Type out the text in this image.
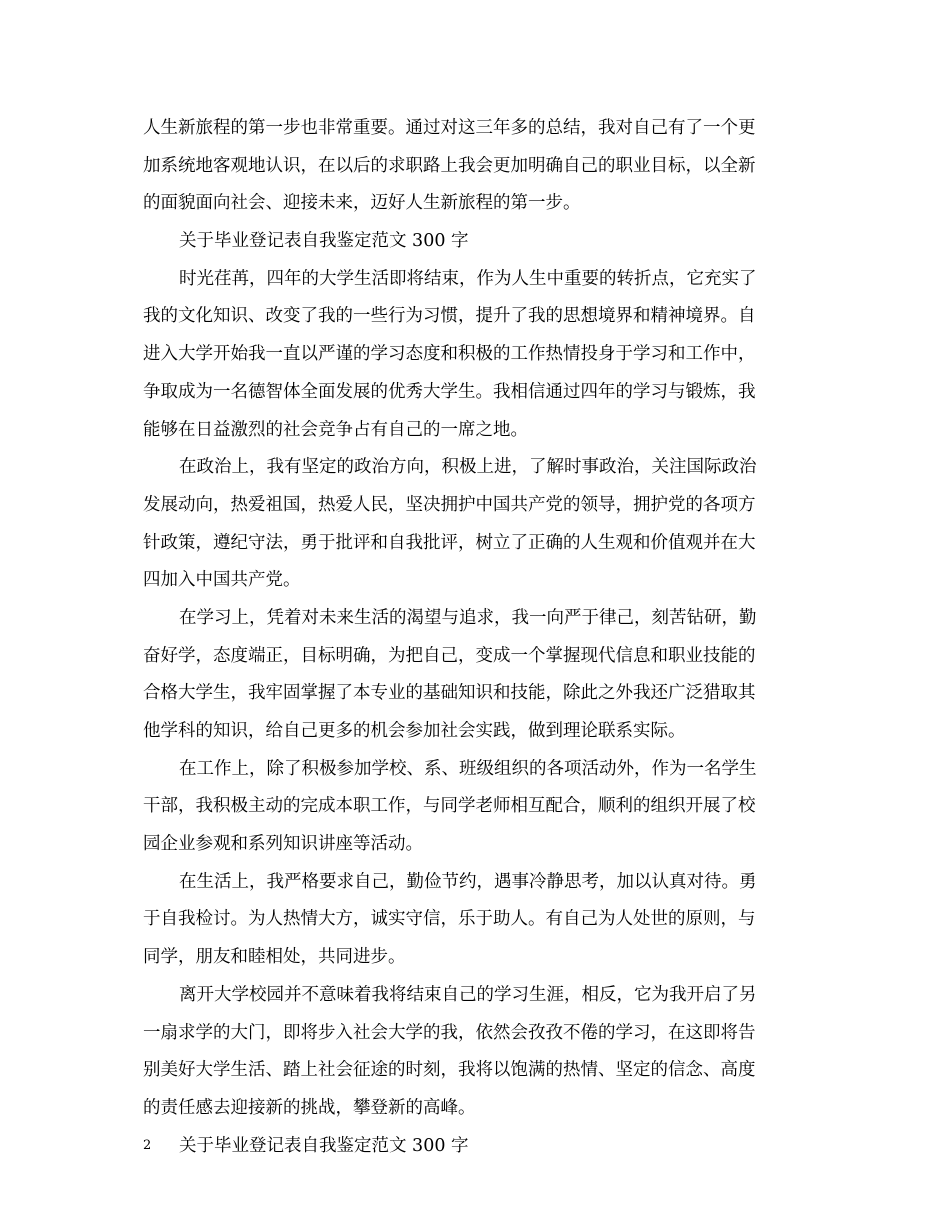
人生新旅程的第一步也非常重要。通过对这三年多的总结，我对自己有了一个更
加系统地客观地认识，在以后的求职路上我会更加明确自己的职业目标，以全新
的面貌面向社会、迎接未来，迈好人生新旅程的第一步。
关于毕业登记表自我鉴定范文 300 字
时光荏苒，四年的大学生活即将结束，作为人生中重要的转折点，它充实了
我的文化知识、改变了我的一些行为习惯，提升了我的思想境界和精神境界。自
进入大学开始我一直以严谨的学习态度和积极的工作热情投身于学习和工作中，
争取成为一名德智体全面发展的优秀大学生。我相信通过四年的学习与锻炼，我
能够在日益激烈的社会竞争占有自己的一席之地。
在政治上，我有坚定的政治方向，积极上进，了解时事政治，关注国际政治
发展动向，热爱祖国，热爱人民，坚决拥护中国共产党的领导，拥护党的各项方
针政策，遵纪守法，勇于批评和自我批评，树立了正确的人生观和价值观并在大
四加入中国共产党。
在学习上，凭着对未来生活的渴望与追求，我一向严于律己，刻苦钻研，勤
奋好学，态度端正，目标明确，为把自己，变成一个掌握现代信息和职业技能的
合格大学生，我牢固掌握了本专业的基础知识和技能，除此之外我还广泛猎取其
他学科的知识，给自己更多的机会参加社会实践，做到理论联系实际。
在工作上，除了积极参加学校、系、班级组织的各项活动外，作为一名学生
干部，我积极主动的完成本职工作，与同学老师相互配合，顺利的组织开展了校
园企业参观和系列知识讲座等活动。
在生活上，我严格要求自己，勤俭节约，遇事冷静思考，加以认真对待。勇
于自我检讨。为人热情大方，诚实守信，乐于助人。有自己为人处世的原则，与
同学，朋友和睦相处，共同进步。
离开大学校园并不意味着我将结束自己的学习生涯，相反，它为我开启了另
一扇求学的大门，即将步入社会大学的我，依然会孜孜不倦的学习，在这即将告
别美好大学生活、踏上社会征途的时刻，我将以饱满的热情、坚定的信念、高度
的责任感去迎接新的挑战，攀登新的高峰。
关于毕业登记表自我鉴定范文 300 字
2
